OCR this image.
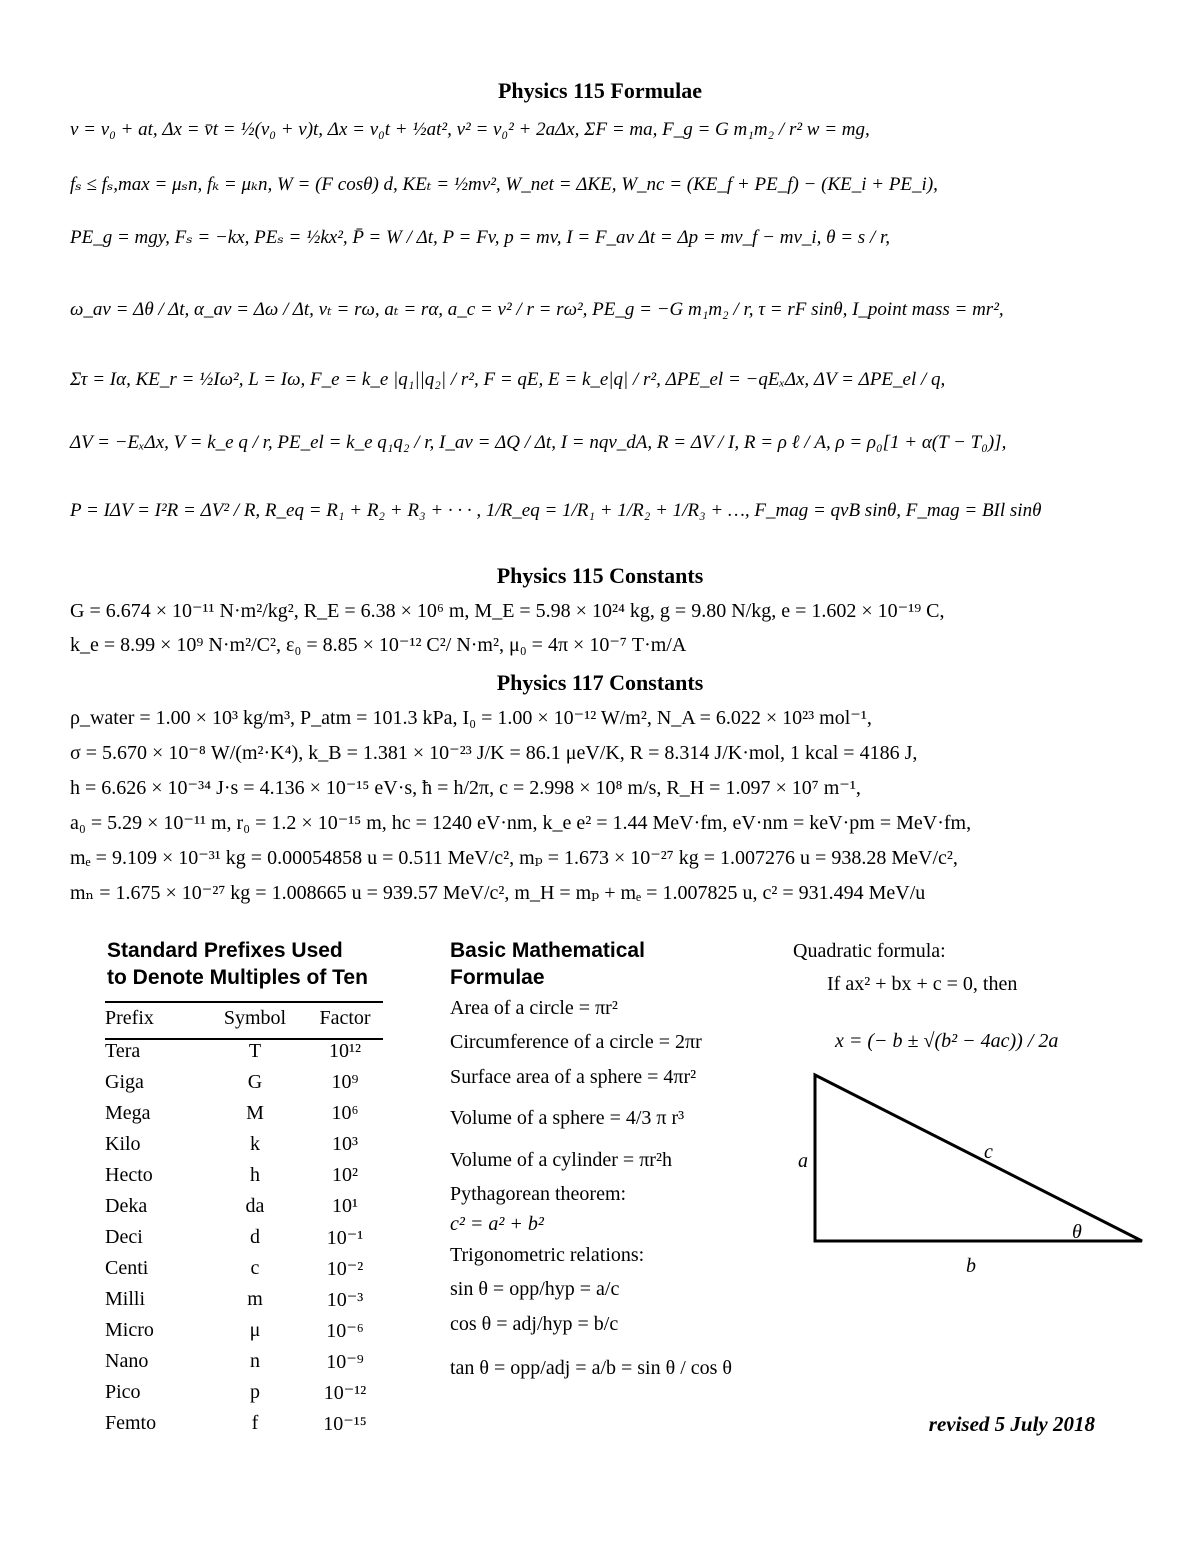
Physics 115 Formulae
v = v₀ + at, Δx = v̄t = ½(v₀ + v)t, Δx = v₀t + ½at², v² = v₀² + 2aΔx, ΣF = ma, F_g = G m₁m₂ / r² w = mg,
fₛ ≤ fₛ,max = μₛn, fₖ = μₖn, W = (F cosθ) d, KEₜ = ½mv², W_net = ΔKE, W_nc = (KE_f + PE_f) − (KE_i + PE_i),
PE_g = mgy, Fₛ = −kx, PEₛ = ½kx², P̄ = W / Δt, P = Fv, p = mv, I = F_av Δt = Δp = mv_f − mv_i, θ = s / r,
ω_av = Δθ / Δt, α_av = Δω / Δt, vₜ = rω, aₜ = rα, a_c = v² / r = rω², PE_g = −G m₁m₂ / r, τ = rF sinθ, I_point mass = mr²,
Στ = Iα, KE_r = ½Iω², L = Iω, F_e = k_e |q₁||q₂| / r², F = qE, E = k_e|q| / r², ΔPE_el = −qEₓΔx, ΔV = ΔPE_el / q,
ΔV = −EₓΔx, V = k_e q / r, PE_el = k_e q₁q₂ / r, I_av = ΔQ / Δt, I = nqv_dA, R = ΔV / I, R = ρ ℓ / A, ρ = ρ₀[1 + α(T − T₀)],
P = IΔV = I²R = ΔV² / R, R_eq = R₁ + R₂ + R₃ + · · · , 1/R_eq = 1/R₁ + 1/R₂ + 1/R₃ + …, F_mag = qvB sinθ, F_mag = BIl sinθ
Physics 115 Constants
G = 6.674 × 10⁻¹¹ N·m²/kg², R_E = 6.38 × 10⁶ m, M_E = 5.98 × 10²⁴ kg, g = 9.80 N/kg, e = 1.602 × 10⁻¹⁹ C,
k_e = 8.99 × 10⁹ N·m²/C², ε₀ = 8.85 × 10⁻¹² C²/ N·m², μ₀ = 4π × 10⁻⁷ T·m/A
Physics 117 Constants
ρ_water = 1.00 × 10³ kg/m³, P_atm = 101.3 kPa, I₀ = 1.00 × 10⁻¹² W/m², N_A = 6.022 × 10²³ mol⁻¹,
σ = 5.670 × 10⁻⁸ W/(m²·K⁴), k_B = 1.381 × 10⁻²³ J/K = 86.1 μeV/K, R = 8.314 J/K·mol, 1 kcal = 4186 J,
h = 6.626 × 10⁻³⁴ J·s = 4.136 × 10⁻¹⁵ eV·s, ħ = h/2π, c = 2.998 × 10⁸ m/s, R_H = 1.097 × 10⁷ m⁻¹,
a₀ = 5.29 × 10⁻¹¹ m, r₀ = 1.2 × 10⁻¹⁵ m, hc = 1240 eV·nm, k_e e² = 1.44 MeV·fm, eV·nm = keV·pm = MeV·fm,
mₑ = 9.109 × 10⁻³¹ kg = 0.00054858 u = 0.511 MeV/c², mₚ = 1.673 × 10⁻²⁷ kg = 1.007276 u = 938.28 MeV/c²,
mₙ = 1.675 × 10⁻²⁷ kg = 1.008665 u = 939.57 MeV/c², m_H = mₚ + mₑ = 1.007825 u, c² = 931.494 MeV/u
Standard Prefixes Used
to Denote Multiples of Ten
Prefix	Symbol	Factor
Tera	T	10¹²
Giga	G	10⁹
Mega	M	10⁶
Kilo	k	10³
Hecto	h	10²
Deka	da	10¹
Deci	d	10⁻¹
Centi	c	10⁻²
Milli	m	10⁻³
Micro	μ	10⁻⁶
Nano	n	10⁻⁹
Pico	p	10⁻¹²
Femto	f	10⁻¹⁵
Basic Mathematical
Formulae
Area of a circle = πr²
Circumference of a circle = 2πr
Surface area of a sphere = 4πr²
Volume of a sphere = 4/3 π r³
Volume of a cylinder = πr²h
Pythagorean theorem:
c² = a² + b²
Trigonometric relations:
sin θ = opp/hyp = a/c
cos θ = adj/hyp = b/c
tan θ = opp/adj = a/b = sin θ / cos θ
Quadratic formula:
If ax² + bx + c = 0, then
x = (− b ± √(b² − 4ac)) / 2a
a
b
c
θ
revised 5 July 2018
